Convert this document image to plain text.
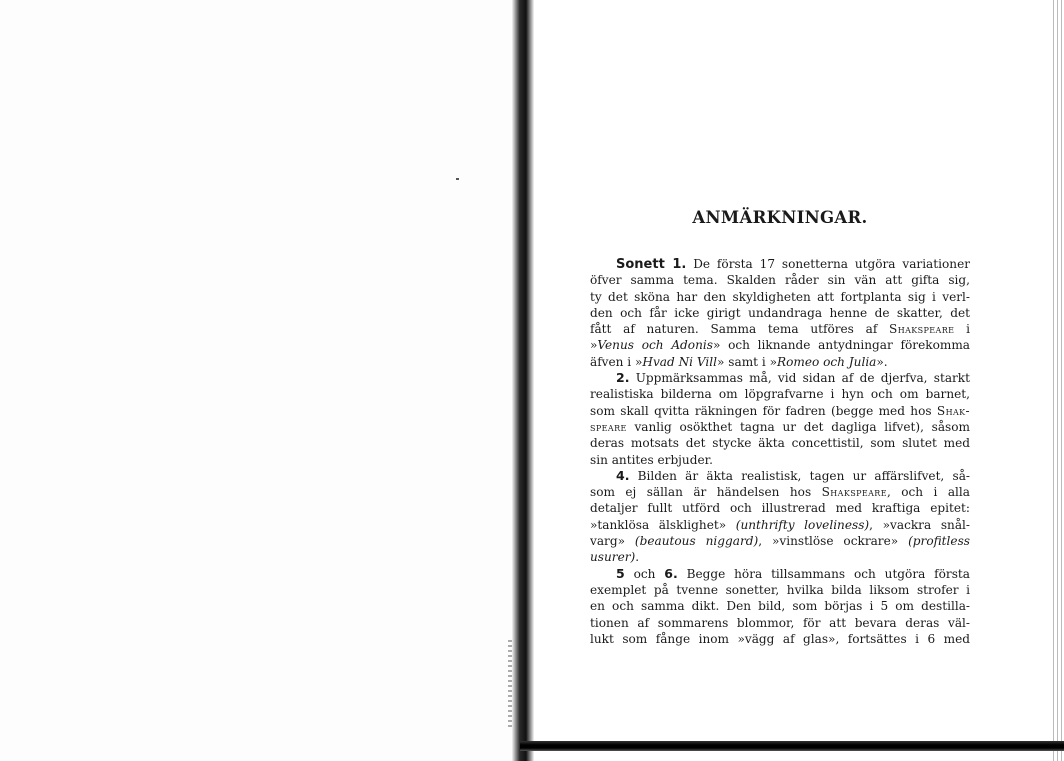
ANMÄRKNINGAR.
Sonett 1. De första 17 sonetterna utgöra variationer
öfver samma tema. Skalden råder sin vän att gifta sig,
ty det sköna har den skyldigheten att fortplanta sig i verl-
den och får icke girigt undandraga henne de skatter, det
fått af naturen. Samma tema utföres af Shakspeare i
»Venus och Adonis» och liknande antydningar förekomma
äfven i »Hvad Ni Vill» samt i »Romeo och Julia».
2. Uppmärksammas må, vid sidan af de djerfva, starkt
realistiska bilderna om löpgrafvarne i hyn och om barnet,
som skall qvitta räkningen för fadren (begge med hos Shak-
speare vanlig osökthet tagna ur det dagliga lifvet), såsom
deras motsats det stycke äkta concettistil, som slutet med
sin antites erbjuder.
4. Bilden är äkta realistisk, tagen ur affärslifvet, så-
som ej sällan är händelsen hos Shakspeare, och i alla
detaljer fullt utförd och illustrerad med kraftiga epitet:
»tanklösa älsklighet» (unthrifty loveliness), »vackra snål-
varg» (beautous niggard), »vinstlöse ockrare» (profitless
usurer).
5 och 6. Begge höra tillsammans och utgöra första
exemplet på tvenne sonetter, hvilka bilda liksom strofer i
en och samma dikt. Den bild, som börjas i 5 om destilla-
tionen af sommarens blommor, för att bevara deras väl-
lukt som fånge inom »vägg af glas», fortsättes i 6 med
